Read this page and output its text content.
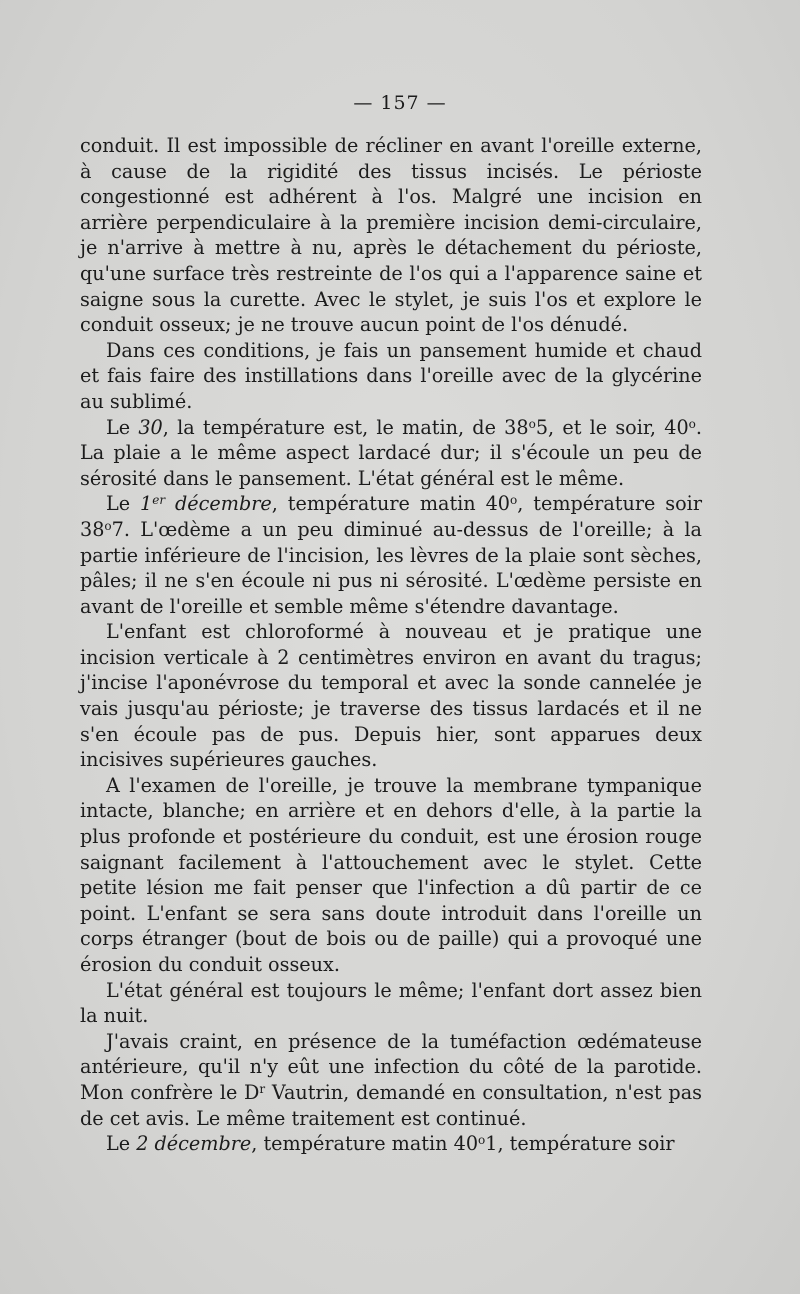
— 157 —

conduit. Il est impossible de récliner en avant l'oreille externe, à cause de la rigidité des tissus incisés. Le périoste congestionné est adhérent à l'os. Malgré une incision en arrière perpendiculaire à la première incision demi-circulaire, je n'arrive à mettre à nu, après le détachement du périoste, qu'une surface très restreinte de l'os qui a l'apparence saine et saigne sous la curette. Avec le stylet, je suis l'os et explore le conduit osseux; je ne trouve aucun point de l'os dénudé.

Dans ces conditions, je fais un pansement humide et chaud et fais faire des instillations dans l'oreille avec de la glycérine au sublimé.

Le 30, la température est, le matin, de 38$^o$5, et le soir, 40$^o$. La plaie a le même aspect lardacé dur; il s'écoule un peu de sérosité dans le pansement. L'état général est le même.

Le 1er décembre, température matin 40$^o$, température soir 38$^o$7. L'œdème a un peu diminué au-dessus de l'oreille; à la partie inférieure de l'incision, les lèvres de la plaie sont sèches, pâles; il ne s'en écoule ni pus ni sérosité. L'œdème persiste en avant de l'oreille et semble même s'étendre davantage.

L'enfant est chloroformé à nouveau et je pratique une incision verticale à 2 centimètres environ en avant du tragus; j'incise l'aponévrose du temporal et avec la sonde cannelée je vais jusqu'au périoste; je traverse des tissus lardacés et il ne s'en écoule pas de pus. Depuis hier, sont apparues deux incisives supérieures gauches.

A l'examen de l'oreille, je trouve la membrane tympanique intacte, blanche; en arrière et en dehors d'elle, à la partie la plus profonde et postérieure du conduit, est une érosion rouge saignant facilement à l'attouchement avec le stylet. Cette petite lésion me fait penser que l'infection a dû partir de ce point. L'enfant se sera sans doute introduit dans l'oreille un corps étranger (bout de bois ou de paille) qui a provoqué une érosion du conduit osseux.

L'état général est toujours le même; l'enfant dort assez bien la nuit.

J'avais craint, en présence de la tuméfaction œdémateuse antérieure, qu'il n'y eût une infection du côté de la parotide. Mon confrère le $D^r$ Vautrin, demandé en consultation, n'est pas de cet avis. Le même traitement est continué.

Le 2 décembre, température matin 40$^o$1, température soir
